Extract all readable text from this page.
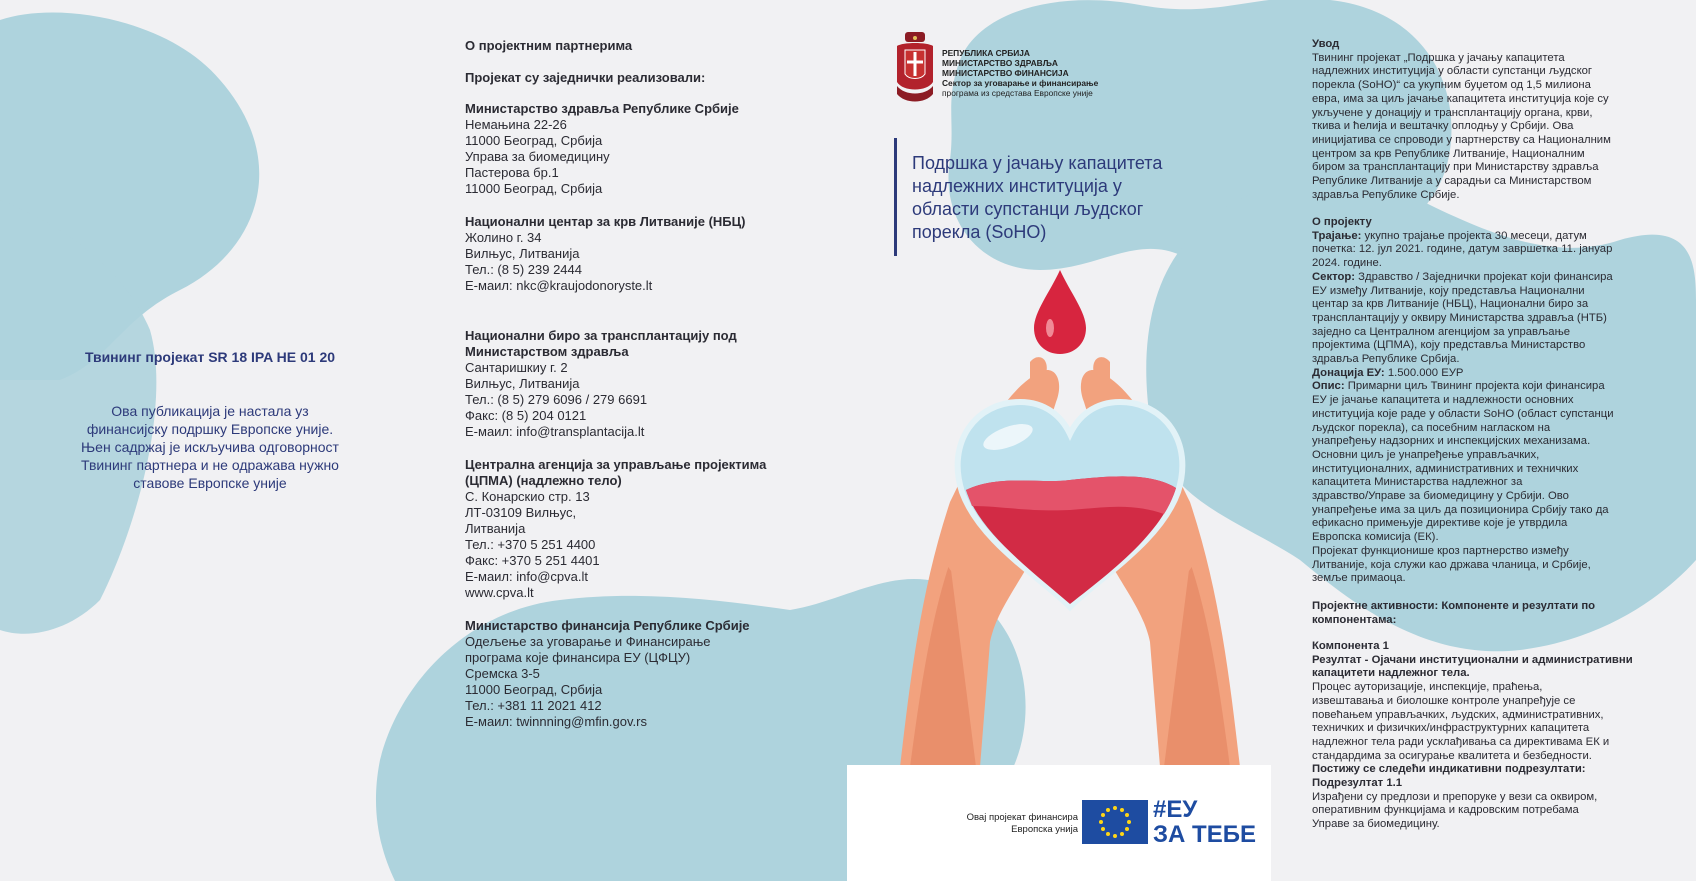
Твининг пројекат SR 18 IPA HE 01 20
Ова публикација је настала уз
финансијску подршку Европске уније.
Њен садржај је искључива одговорност
Твининг партнера и не одражава нужно
ставове Европске уније
О пројектним партнерима
Пројекат су заједнички реализовали:
Министарство здравља Републике Србије
Немањина 22-26
11000 Београд, Србија
Управа за биомедицину
Пастерова бр.1
11000 Београд, Србија
Национални центар за крв Литваније (НБЦ)
Жолино г. 34
Вилњус, Литванија
Тел.: (8 5) 239 2444
Е-маил: nkc@kraujodonoryste.lt
Национални биро за трансплантацију под
Министарством здравља
Сантаришкиу г. 2
Вилњус, Литванија
Тел.: (8 5) 279 6096 / 279 6691
Факс: (8 5) 204 0121
Е-маил: info@transplantacija.lt
Централна агенција за управљање пројектима
(ЦПМА) (надлежно тело)
С. Конарскио стр. 13
ЛТ-03109 Вилњус,
Литванија
Тел.: +370 5 251 4400
Факс: +370 5 251 4401
Е-маил: info@cpva.lt
www.cpva.lt
Министарство финансија Републике Србије
Одељење за уговарање и Финансирање
програма које финансира ЕУ (ЦФЦУ)
Сремска 3-5
11000 Београд, Србија
Тел.: +381 11 2021 412
Е-маил: twinnning@mfin.gov.rs
РЕПУБЛИКА СРБИЈА
МИНИСТАРСТВО ЗДРАВЉА
МИНИСТАРСТВО ФИНАНСИЈА
Сектор за уговарање и финансирање
програма из средстава Европске уније
Подршка у јачању капацитета
надлежних институција у
области супстанци људског
порекла (SoHO)
Овај пројекат финансира
Европска унија
#ЕУ
ЗА ТЕБЕ
Увод
Твининг пројекат „Подршка у јачању капацитета
надлежних институција у области супстанци људског
порекла (SoHO)“ са укупним буџетом од 1,5 милиона
евра, има за циљ јачање капацитета институција које су
укључене у донацију и трансплантацију органа, крви,
ткива и ћелија и вештачку оплодњу у Србији. Ова
иницијатива се спроводи у партнерству са Националним
центром за крв Републике Литваније, Националним
биром за трансплантацију при Министарству здравља
Републике Литваније а у сарадњи са Министарством
здравља Републике Србије.
О пројекту
Трајање: укупно трајање пројекта 30 месеци, датум
почетка: 12. јул 2021. године, датум завршетка 11. јануар
2024. године.
Сектор: Здравство / Заједнички пројекат који финансира
ЕУ између Литваније, коју представља Национални
центар за крв Литваније (НБЦ), Национални биро за
трансплантацију у оквиру Министарства здравља (НТБ)
заједно са Централном агенцијом за управљање
пројектима (ЦПМА), коју представља Министарство
здравља Републике Србија.
Донација ЕУ: 1.500.000 ЕУР
Опис: Примарни циљ Твининг пројекта који финансира
ЕУ је јачање капацитета и надлежности основних
институција које раде у области SoHO (област супстанци
људског порекла), са посебним нагласком на
унапређењу надзорних и инспекцијских механизама.
Основни циљ је унапређење управљачких,
институционалних, административних и техничких
капацитета Министарства надлежног за
здравство/Управе за биомедицину у Србији. Ово
унапређење има за циљ да позиционира Србију тако да
ефикасно примењује директиве које је утврдила
Европска комисија (ЕК).
Пројекат функционише кроз партнерство између
Литваније, која служи као држава чланица, и Србије,
земље примаоца.
Пројектне активности: Компоненте и резултати по
компонентама:
Компонента 1
Резултат - Ојачани институционални и административни
капацитети надлежног тела.
Процес ауторизације, инспекције, праћења,
извештавања и биолошке контроле унапређује се
повећањем управљачких, људских, административних,
техничких и физичких/инфраструктурних капацитета
надлежног тела ради усклађивања са директивама ЕК и
стандардима за осигурање квалитета и безбедности.
Постижу се следећи индикативни подрезултати:
Подрезултат 1.1
Израђени су предлози и препоруке у вези са оквиром,
оперативним функцијама и кадровским потребама
Управе за биомедицину.
